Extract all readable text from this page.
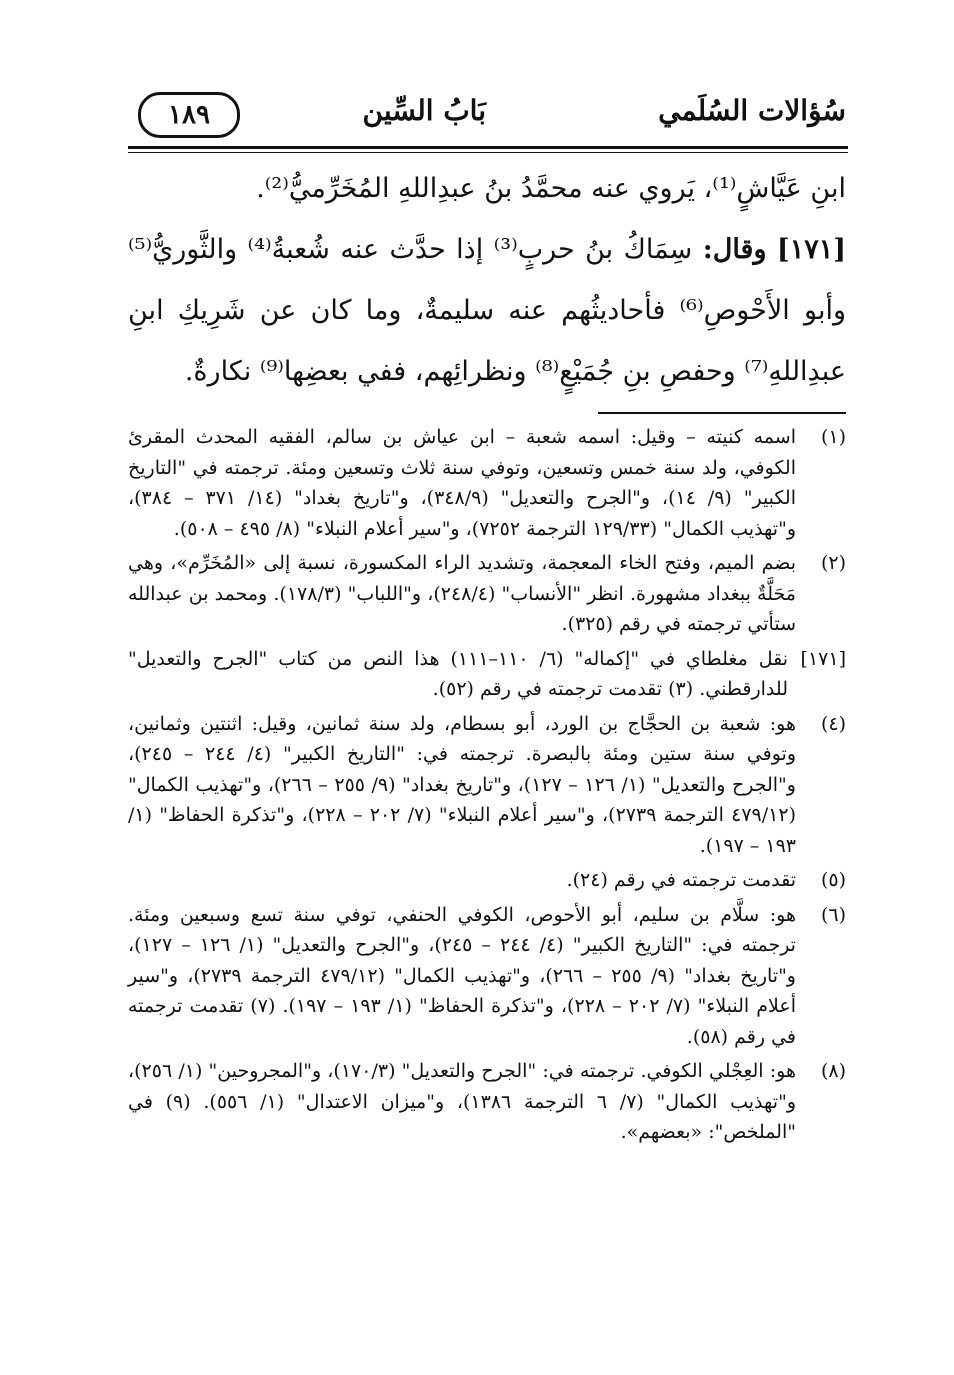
سُؤالات السُلَمي
بَابُ السِّين
١٨٩

ابنِ عَيَّاشٍ⁽¹⁾، يَروي عنه محمَّدُ بنُ عبدِاللهِ المُخَرِّميُّ⁽²⁾.

[١٧١] وقال: سِمَاكُ بنُ حربٍ⁽³⁾ إذا حدَّث عنه شُعبةُ⁽⁴⁾ والثَّوريُّ⁽⁵⁾ وأبو الأَحْوصِ⁽⁶⁾ فأحاديثُهم عنه سليمةٌ، وما كان عن شَرِيكِ ابنِ عبدِاللهِ⁽⁷⁾ وحفصِ بنِ جُمَيْعٍ⁽⁸⁾ ونظرائِهم، ففي بعضِها⁽⁹⁾ نكارةٌ.

(١)
اسمه كنيته – وقيل: اسمه شعبة – ابن عياش بن سالم، الفقيه المحدث المقرئ الكوفي، ولد سنة خمس وتسعين، وتوفي سنة ثلاث وتسعين ومئة. ترجمته في "التاريخ الكبير" (٩/ ١٤)، و"الجرح والتعديل" (٣٤٨/٩)، و"تاريخ بغداد" (١٤/ ٣٧١ – ٣٨٤)، و"تهذيب الكمال" (١٢٩/٣٣ الترجمة ٧٢٥٢)، و"سير أعلام النبلاء" (٨/ ٤٩٥ – ٥٠٨).
(٢)
بضم الميم، وفتح الخاء المعجمة، وتشديد الراء المكسورة، نسبة إلى «المُخَرِّم»، وهي مَحَلَّةٌ ببغداد مشهورة. انظر "الأنساب" (٢٤٨/٤)، و"اللباب" (١٧٨/٣). ومحمد بن عبدالله ستأتي ترجمته في رقم (٣٢٥).
[١٧١]
نقل مغلطاي في "إكماله" (٦/ ١١٠–١١١) هذا النص من كتاب "الجرح والتعديل" للدارقطني. (٣) تقدمت ترجمته في رقم (٥٢).
(٤)
هو: شعبة بن الحجَّاج بن الورد، أبو بسطام، ولد سنة ثمانين، وقيل: اثنتين وثمانين، وتوفي سنة ستين ومئة بالبصرة. ترجمته في: "التاريخ الكبير" (٤/ ٢٤٤ – ٢٤٥)، و"الجرح والتعديل" (١/ ١٢٦ – ١٢٧)، و"تاريخ بغداد" (٩/ ٢٥٥ – ٢٦٦)، و"تهذيب الكمال" (٤٧٩/١٢ الترجمة ٢٧٣٩)، و"سير أعلام النبلاء" (٧/ ٢٠٢ – ٢٢٨)، و"تذكرة الحفاظ" (١/ ١٩٣ – ١٩٧).
(٥)
تقدمت ترجمته في رقم (٢٤).
(٦)
هو: سلَّام بن سليم، أبو الأحوص، الكوفي الحنفي، توفي سنة تسع وسبعين ومئة. ترجمته في: "التاريخ الكبير" (٤/ ٢٤٤ – ٢٤٥)، و"الجرح والتعديل" (١/ ١٢٦ – ١٢٧)، و"تاريخ بغداد" (٩/ ٢٥٥ – ٢٦٦)، و"تهذيب الكمال" (٤٧٩/١٢ الترجمة ٢٧٣٩)، و"سير أعلام النبلاء" (٧/ ٢٠٢ – ٢٢٨)، و"تذكرة الحفاظ" (١/ ١٩٣ – ١٩٧). (٧) تقدمت ترجمته في رقم (٥٨).
(٨)
هو: العِجْلي الكوفي. ترجمته في: "الجرح والتعديل" (١٧٠/٣)، و"المجروحين" (١/ ٢٥٦)، و"تهذيب الكمال" (٧/ ٦ الترجمة ١٣٨٦)، و"ميزان الاعتدال" (١/ ٥٥٦). (٩) في "الملخص": «بعضهم».
